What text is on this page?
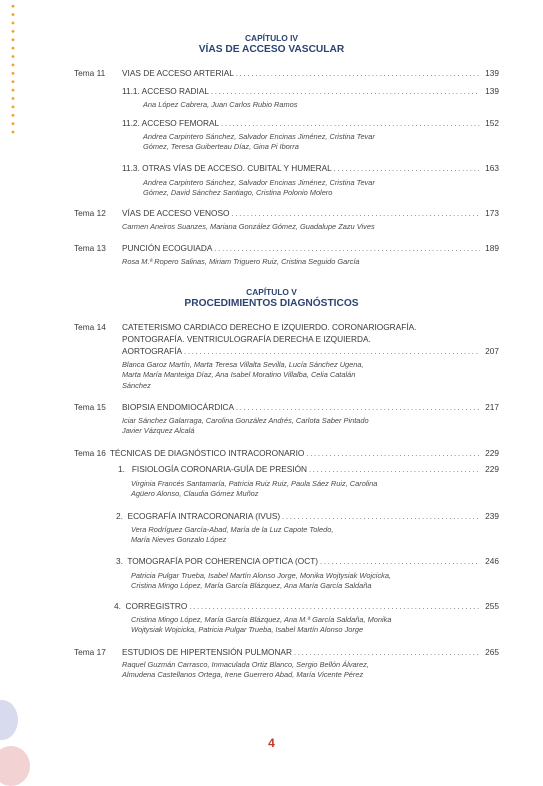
CAPÍTULO IV
VÍAS DE ACCESO VASCULAR
Tema 11 VIAS DE ACCESO ARTERIAL . . .	139
11.1. ACCESO RADIAL . . .	139
Ana López Cabrera, Juan Carlos Rubio Ramos
11.2. ACCESO FEMORAL . . .	152
Andrea Carpintero Sánchez, Salvador Encinas Jiménez, Cristina Tevar
Gómez, Teresa Guiberteau Díaz, Gina Pi Iborra
11.3. OTRAS VÍAS DE ACCESO. CUBITAL Y HUMERAL . . .	163
Andrea Carpintero Sánchez, Salvador Encinas Jiménez, Cristina Tevar
Gómez, David Sánchez Santiago, Cristina Polonio Molero
Tema 12 VÍAS DE ACCESO VENOSO . . .	173
Carmen Aneiros Suanzes, Mariana González Gómez, Guadalupe Zazu Vives
Tema 13 PUNCIÓN ECOGUIADA . . .	189
Rosa M.ª Ropero Salinas, Miriam Triguero Ruiz, Cristina Seguido García
CAPÍTULO V
PROCEDIMIENTOS DIAGNÓSTICOS
Tema 14 CATETERISMO CARDIACO DERECHO E IZQUIERDO. CORONARIOGRAFÍA.
PONTOGRAFÍA. VENTRICULOGRAFÍA DERECHA E IZQUIERDA.
AORTOGRAFÍA . . .	207
Blanca Garoz Martín, Marta Teresa Villalta Sevilla, Lucía Sánchez Ugena,
Marta María Manteiga Díaz, Ana Isabel Moratino Villalba, Celia Catalán
Sánchez
Tema 15 BIOPSIA ENDOMIOCÁRDICA . . .	217
Iciar Sánchez Galarraga, Carolina González Andrés, Carlota Saber Pintado
Javier Vázquez Alcalá
Tema 16 TÉCNICAS DE DIAGNÓSTICO INTRACORONARIO . . .	229
1.   FISIOLOGÍA CORONARIA-GUÍA DE PRESIÓN . . .	229
Virginia Francés Santamaría, Patricia Ruiz Ruiz, Paula Sáez Ruiz, Carolina
Agüero Alonso, Claudia Gómez Muñoz
2.  ECOGRAFÍA INTRACORONARIA (IVUS) . . .	239
Vera Rodríguez García-Abad, María de la Luz Capote Toledo,
María Nieves Gonzalo López
3.  TOMOGRAFÍA POR COHERENCIA OPTICA (OCT) . . .	246
Patricia Pulgar Trueba, Isabel Martín Alonso Jorge, Monika Wojtysiak Wojcicka,
Cristina Mingo López, María García Blázquez, Ana María García Saldaña
4.  CORREGISTRO . . .	255
Cristina Mingo López, María García Blázquez, Ana M.ª García Saldaña, Monika
Wojtysiak Wojcicka, Patricia Pulgar Trueba, Isabel Martín Alonso Jorge
Tema 17 ESTUDIOS DE HIPERTENSIÓN PULMONAR . . .	265
Raquel Guzmán Carrasco, Inmaculada Ortiz Blanco, Sergio Bellón Álvarez,
Almudena Castellanos Ortega, Irene Guerrero Abad, María Vicente Pérez
4
